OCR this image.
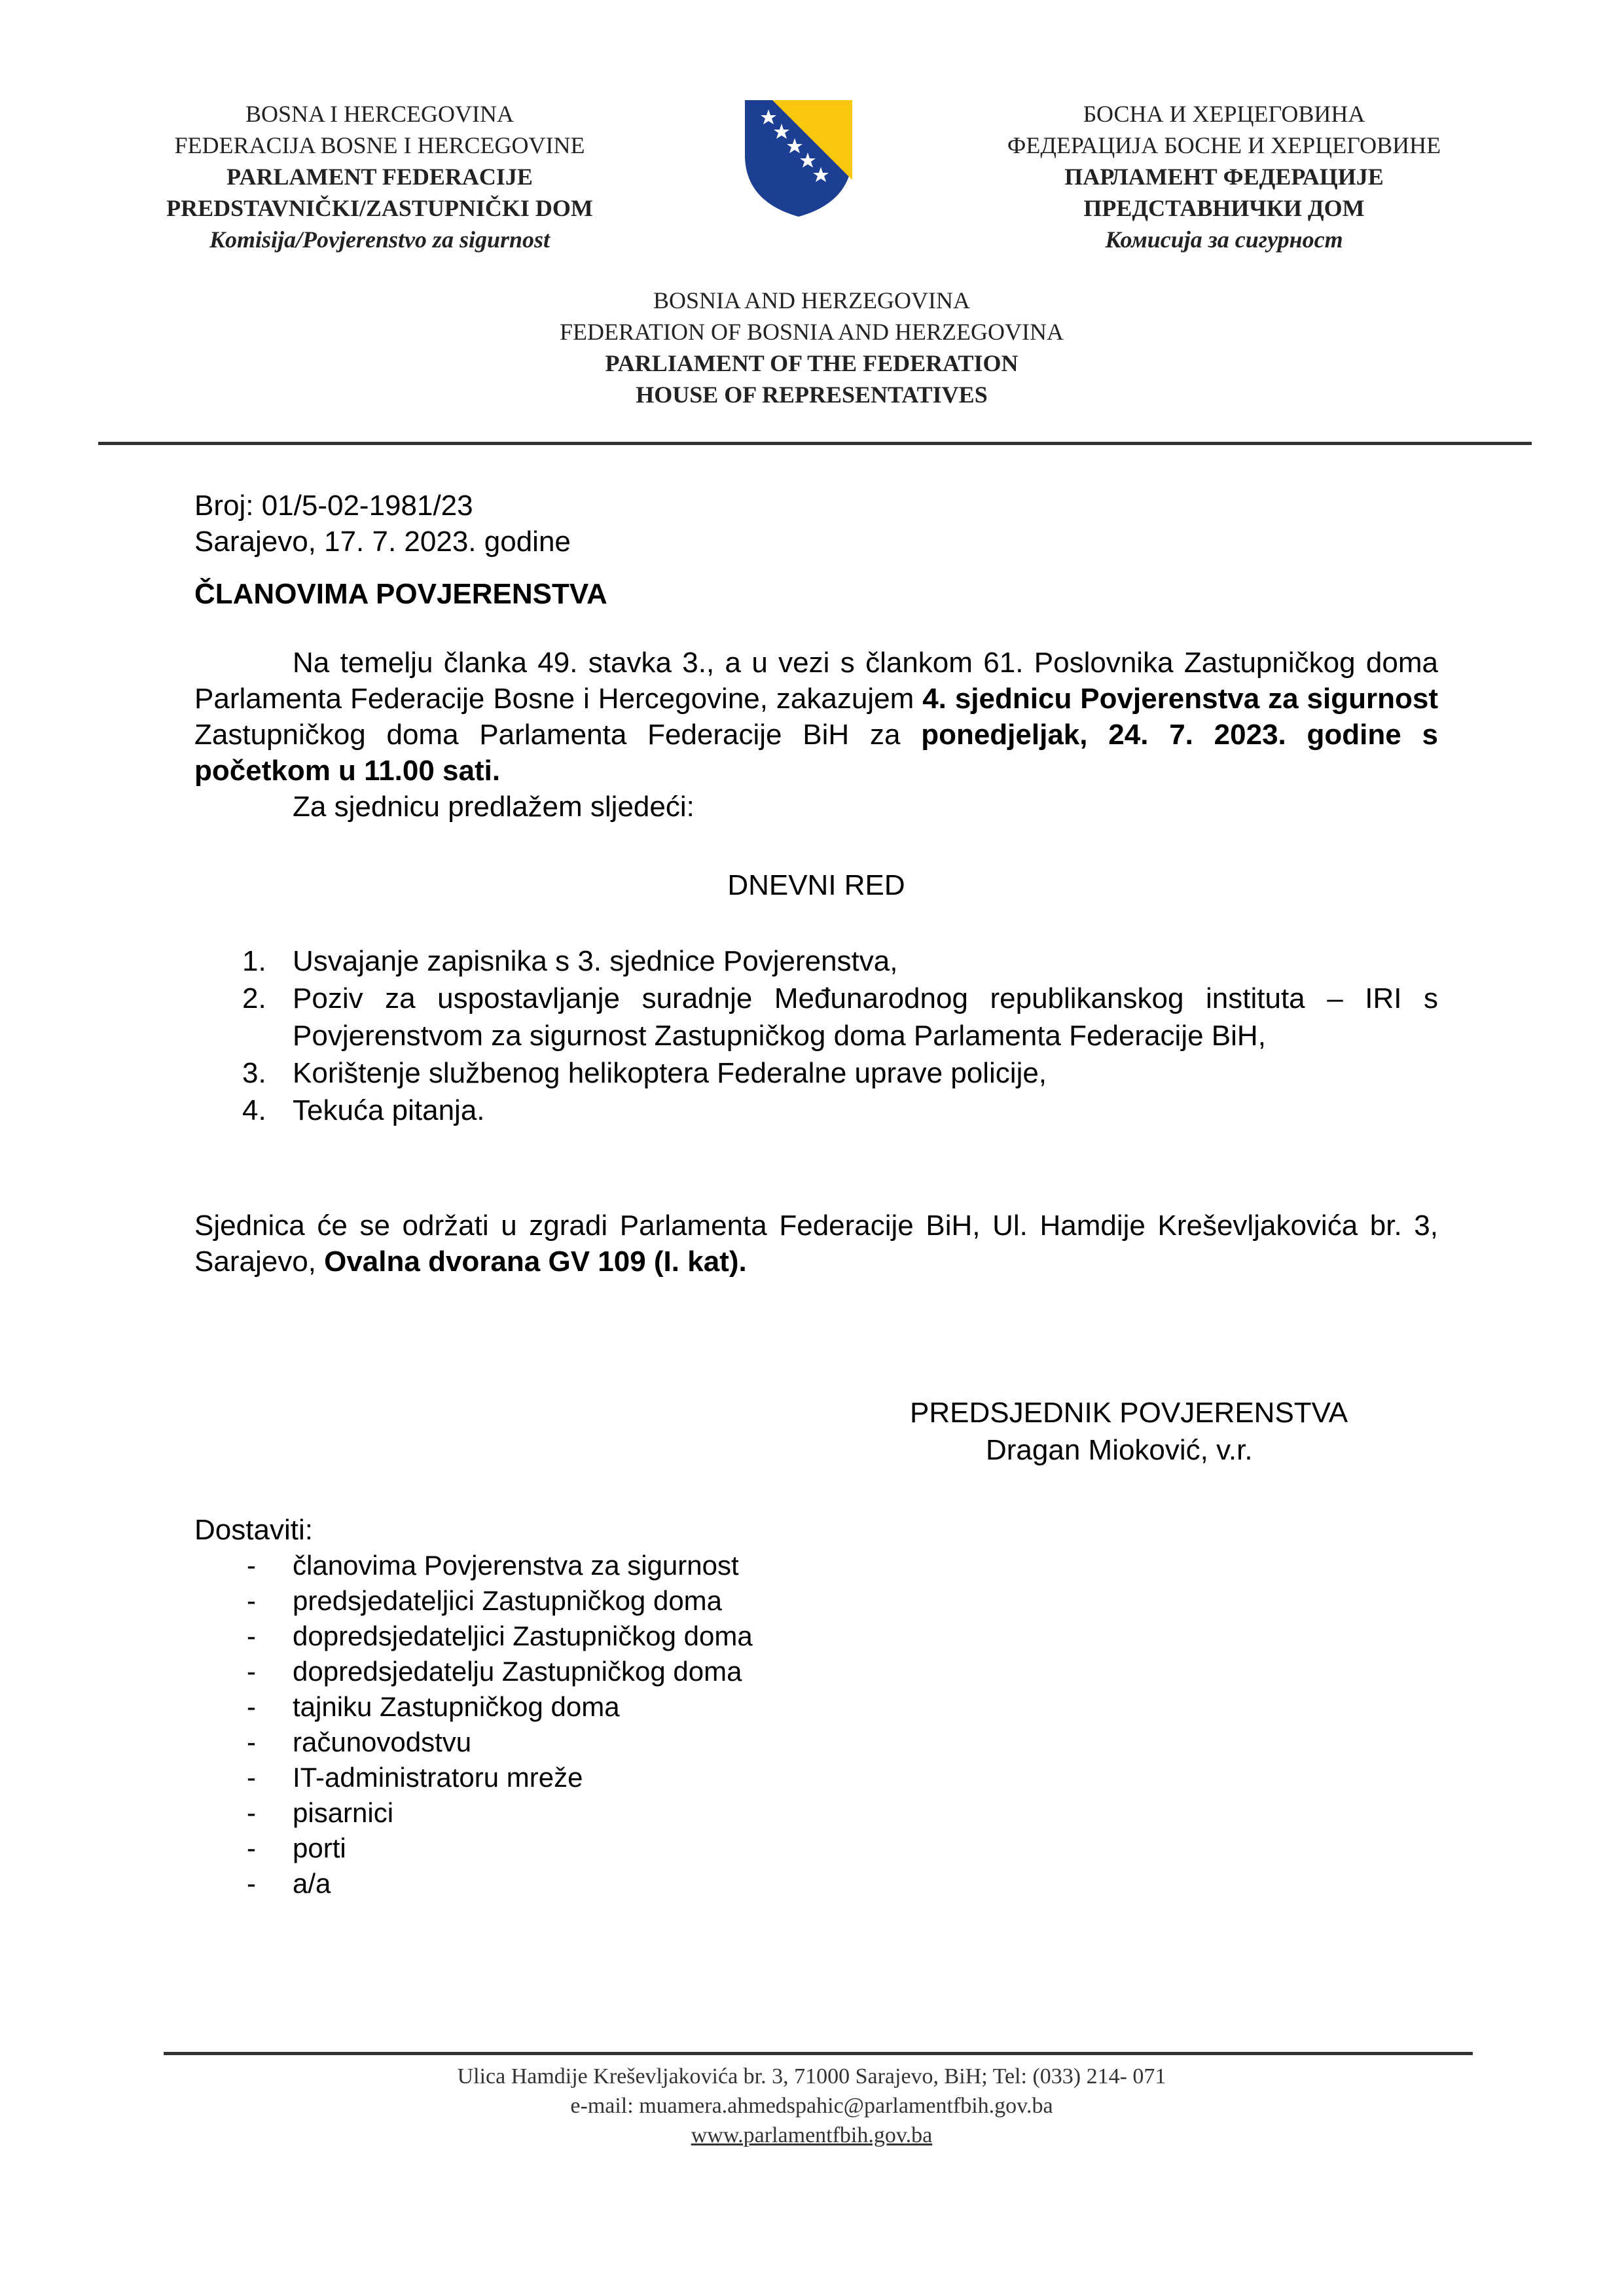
BOSNA I HERCEGOVINA
FEDERACIJA BOSNE I HERCEGOVINE
PARLAMENT FEDERACIJE
PREDSTAVNIČKI/ZASTUPNIČKI DOM
Komisija/Povjerenstvo za sigurnost
БОСНА И ХЕРЦЕГОВИНА
ФЕДЕРАЦИЈА БОСНЕ И ХЕРЦЕГОВИНЕ
ПАРЛАМЕНТ ФЕДЕРАЦИЈЕ
ПРЕДСТАВНИЧКИ ДОМ
Комисија за сигурност
BOSNIA AND HERZEGOVINA
FEDERATION OF BOSNIA AND HERZEGOVINA
PARLIAMENT OF THE FEDERATION
HOUSE OF REPRESENTATIVES
Broj: 01/5-02-1981/23
Sarajevo, 17. 7. 2023. godine
ČLANOVIMA POVJERENSTVA
Na temelju članka 49. stavka 3., a u vezi s člankom 61. Poslovnika Zastupničkog doma Parlamenta Federacije Bosne i Hercegovine, zakazujem 4. sjednicu Povjerenstva za sigurnost Zastupničkog doma Parlamenta Federacije BiH za ponedjeljak, 24. 7. 2023. godine s početkom u 11.00 sati.
Za sjednicu predlažem sljedeći:
DNEVNI RED
1. Usvajanje zapisnika s 3. sjednice Povjerenstva,
2. Poziv za uspostavljanje suradnje Međunarodnog republikanskog instituta – IRI s Povjerenstvom za sigurnost Zastupničkog doma Parlamenta Federacije BiH,
3. Korištenje službenog helikoptera Federalne uprave policije,
4. Tekuća pitanja.
Sjednica će se održati u zgradi Parlamenta Federacije BiH, Ul. Hamdije Kreševljakovića br. 3, Sarajevo, Ovalna dvorana GV 109 (I. kat).
PREDSJEDNIK POVJERENSTVA
Dragan Mioković, v.r.
Dostaviti:
- članovima Povjerenstva za sigurnost
- predsjedateljici Zastupničkog doma
- dopredsjedateljici Zastupničkog doma
- dopredsjedatelju Zastupničkog doma
- tajniku Zastupničkog doma
- računovodstvu
- IT-administratoru mreže
- pisarnici
- porti
- a/a
Ulica Hamdije Kreševljakovića br. 3, 71000 Sarajevo, BiH; Tel: (033) 214- 071
e-mail: muamera.ahmedspahic@parlamentfbih.gov.ba
www.parlamentfbih.gov.ba
